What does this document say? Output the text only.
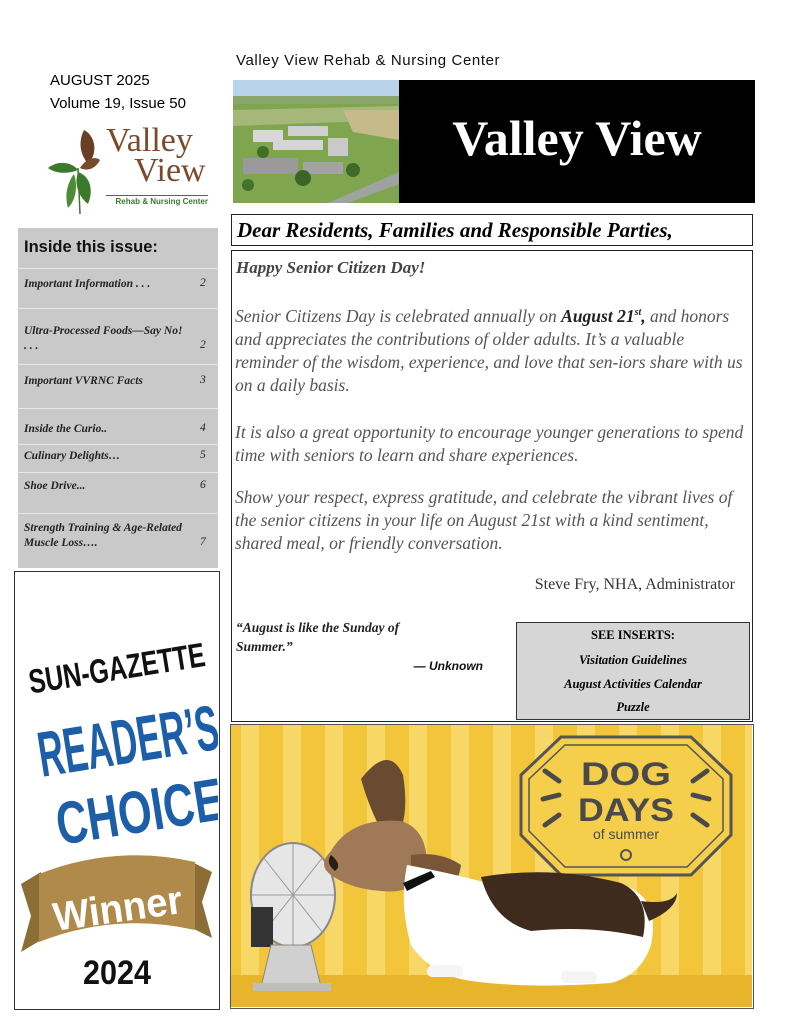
Valley View Rehab & Nursing Center
AUGUST 2025
Volume 19, Issue 50
Valley
View
Rehab & Nursing Center
Valley View
Dear Residents, Families and Responsible Parties,
Happy Senior Citizen Day!
Senior Citizens Day is celebrated annually on August 21st, and honors and appreciates the contributions of older adults. It’s a valuable reminder of the wisdom, experience, and love that sen-iors share with us on a daily basis.
It is also a great opportunity to encourage younger generations to spend time with seniors to learn and share experiences.
Show your respect, express gratitude, and celebrate the vibrant lives of the senior citizens in your life on August 21st with a kind sentiment, shared meal, or friendly conversation.
Steve Fry, NHA, Administrator
“August is like the Sunday of Summer.”
— Unknown
SEE INSERTS:
Visitation Guidelines
August Activities Calendar
Puzzle
Inside this issue:
Important Information . . .	2
Ultra-Processed Foods—Say No! . . .	2
Important VVRNC Facts	3
Inside the Curio..	4
Culinary Delights…	5
Shoe Drive...	6
Strength Training & Age-Related Muscle Loss….	7
SUN-GAZETTE
READER’S
CHOICE
Winner
2024
DOG
DAYS
of summer
